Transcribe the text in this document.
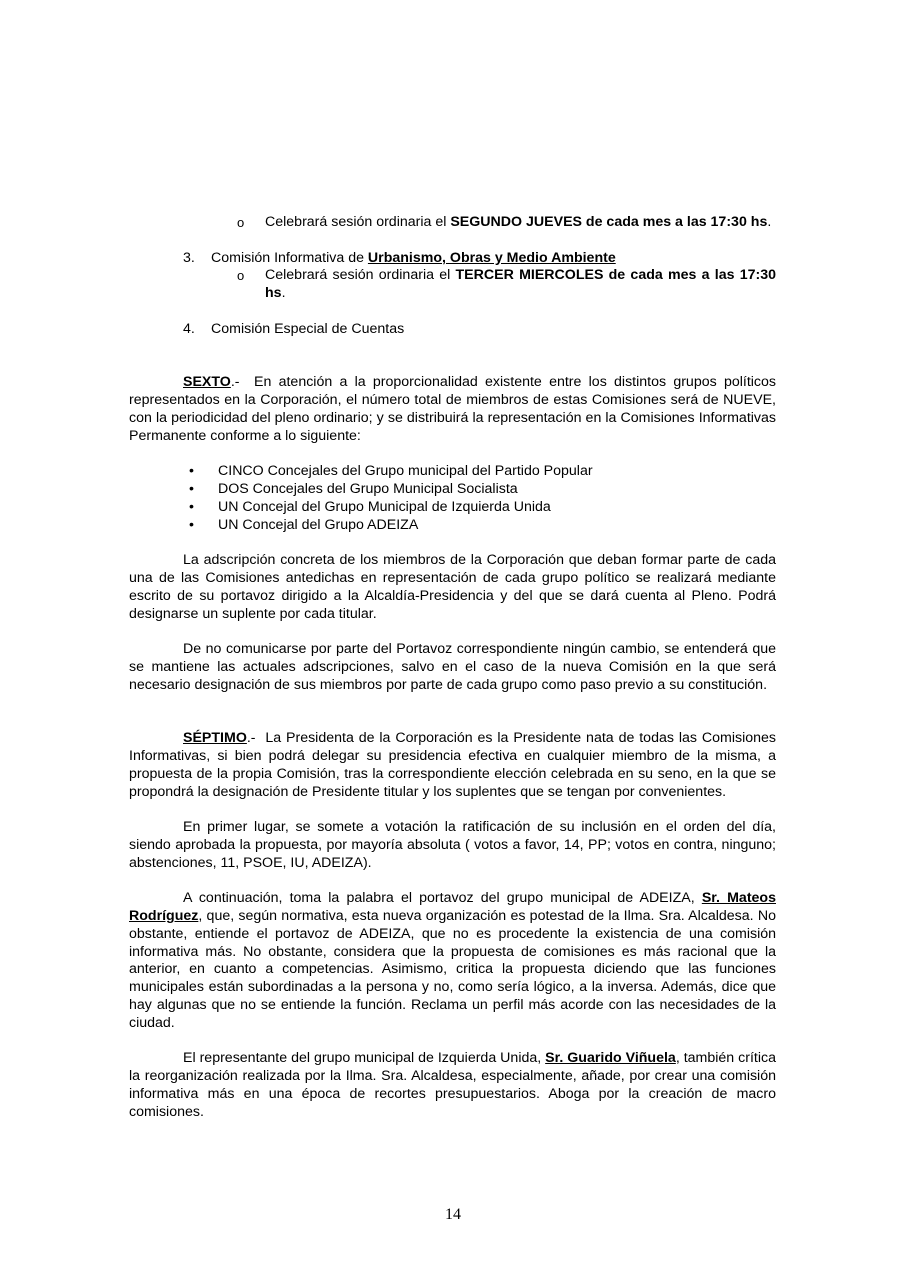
o Celebrará sesión ordinaria el SEGUNDO JUEVES de cada mes a las 17:30 hs.
3. Comisión Informativa de Urbanismo, Obras y Medio Ambiente
o Celebrará sesión ordinaria el TERCER MIERCOLES de cada mes a las 17:30 hs.
4. Comisión Especial de Cuentas

SEXTO.-  En atención a la proporcionalidad existente entre los distintos grupos políticos representados en la Corporación, el número total de miembros de estas Comisiones será de NUEVE, con la periodicidad del pleno ordinario; y se distribuirá la representación en la Comisiones Informativas Permanente conforme a lo siguiente:

• CINCO Concejales del Grupo municipal del Partido Popular
• DOS Concejales del Grupo Municipal Socialista
• UN Concejal del Grupo Municipal de Izquierda Unida
• UN Concejal del Grupo ADEIZA

La adscripción concreta de los miembros de la Corporación que deban formar parte de cada una de las Comisiones antedichas en representación de cada grupo político se realizará mediante escrito de su portavoz dirigido a la Alcaldía-Presidencia y del que se dará cuenta al Pleno. Podrá designarse un suplente por cada titular.

De no comunicarse por parte del Portavoz correspondiente ningún cambio, se entenderá que se mantiene las actuales adscripciones, salvo en el caso de la nueva Comisión en la que será necesario designación de sus miembros por parte de cada grupo como paso previo a su constitución.

SÉPTIMO.-  La Presidenta de la Corporación es la Presidente nata de todas las Comisiones Informativas, si bien podrá delegar su presidencia efectiva en cualquier miembro de la misma, a propuesta de la propia Comisión, tras la correspondiente elección celebrada en su seno, en la que se propondrá la designación de Presidente titular y los suplentes que se tengan por convenientes.

En primer lugar, se somete a votación la ratificación de su inclusión en el orden del día, siendo aprobada la propuesta, por mayoría absoluta ( votos a favor, 14, PP; votos en contra, ninguno; abstenciones, 11, PSOE, IU, ADEIZA).

A continuación, toma la palabra el portavoz del grupo municipal de ADEIZA, Sr. Mateos Rodríguez, que, según normativa, esta nueva organización es potestad de la Ilma. Sra. Alcaldesa. No obstante, entiende el portavoz de ADEIZA, que no es procedente la existencia de una comisión informativa más. No obstante, considera que la propuesta de comisiones es más racional que la anterior, en cuanto a competencias. Asimismo, critica la propuesta diciendo que las funciones municipales están subordinadas a la persona y no, como sería lógico, a la inversa. Además, dice que hay algunas que no se entiende la función. Reclama un perfil más acorde con las necesidades de la ciudad.

El representante del grupo municipal de Izquierda Unida, Sr. Guarido Viñuela, también crítica la reorganización realizada por la Ilma. Sra. Alcaldesa, especialmente, añade, por crear una comisión informativa más en una época de recortes presupuestarios. Aboga por la creación de macro comisiones.

14
